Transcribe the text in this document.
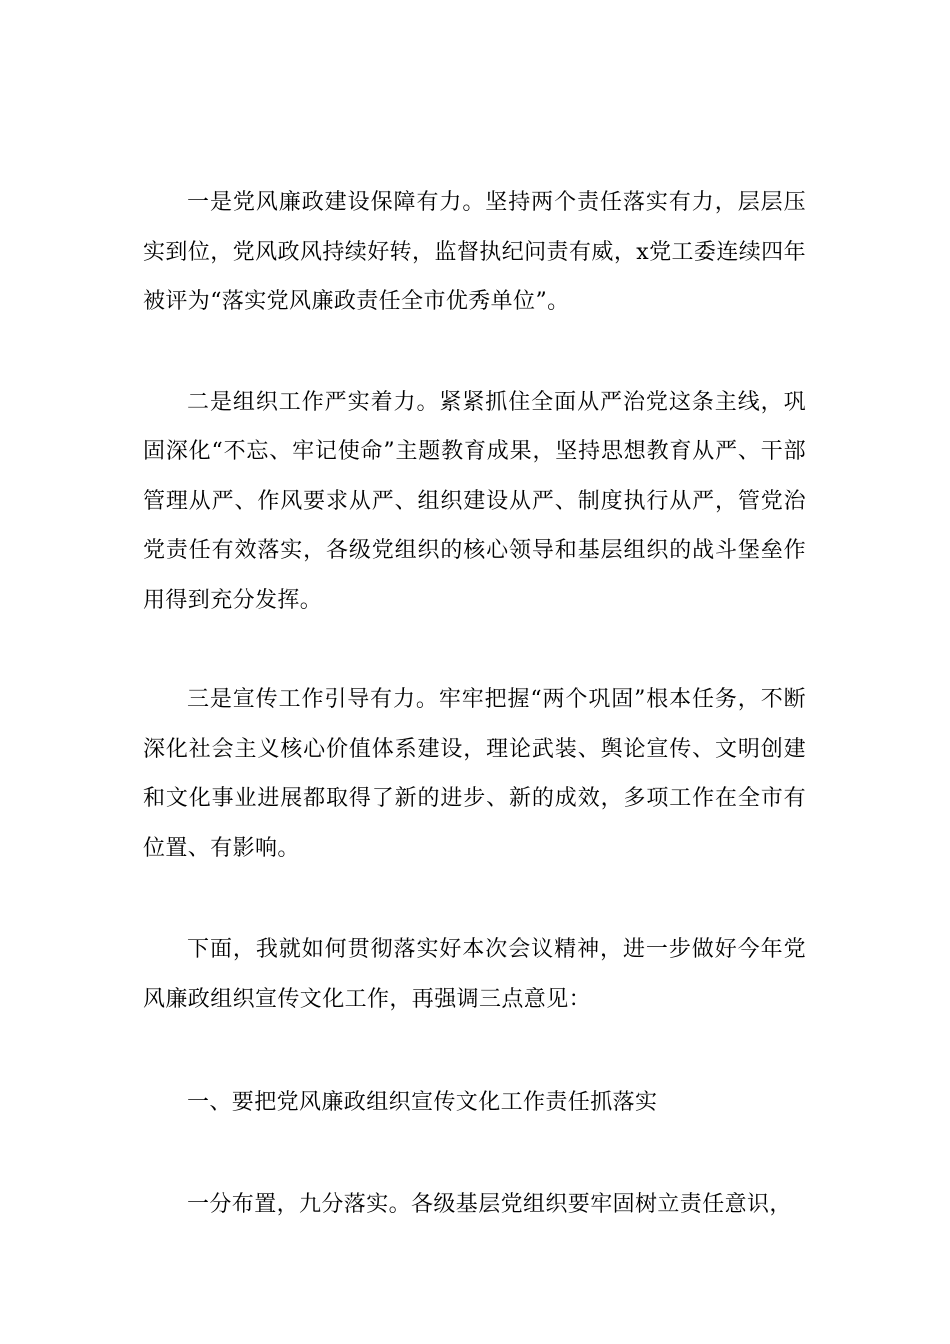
一是党风廉政建设保障有力。坚持两个责任落实有力，层层压实到位，党风政风持续好转，监督执纪问责有威，x党工委连续四年被评为“落实党风廉政责任全市优秀单位”。

二是组织工作严实着力。紧紧抓住全面从严治党这条主线，巩固深化“不忘、牢记使命”主题教育成果，坚持思想教育从严、干部管理从严、作风要求从严、组织建设从严、制度执行从严，管党治党责任有效落实，各级党组织的核心领导和基层组织的战斗堡垒作用得到充分发挥。

三是宣传工作引导有力。牢牢把握“两个巩固”根本任务，不断深化社会主义核心价值体系建设，理论武装、舆论宣传、文明创建和文化事业进展都取得了新的进步、新的成效，多项工作在全市有位置、有影响。

下面，我就如何贯彻落实好本次会议精神，进一步做好今年党风廉政组织宣传文化工作，再强调三点意见：

一、要把党风廉政组织宣传文化工作责任抓落实

一分布置，九分落实。各级基层党组织要牢固树立责任意识，
